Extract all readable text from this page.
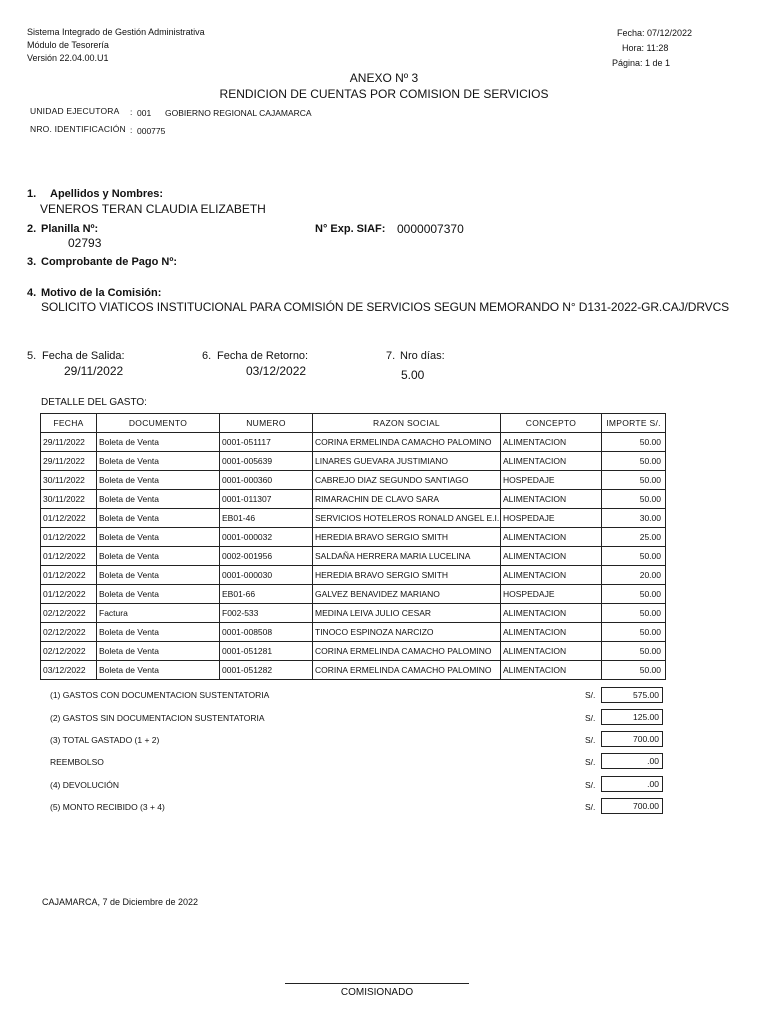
Sistema Integrado de Gestión Administrativa
Módulo de Tesorería
Versión 22.04.00.U1
Fecha: 07/12/2022
Hora: 11:28
Página: 1 de 1
ANEXO Nº 3
RENDICION DE CUENTAS POR COMISION DE SERVICIOS
UNIDAD EJECUTORA : 001 GOBIERNO REGIONAL CAJAMARCA
NRO. IDENTIFICACIÓN : 000775
1. Apellidos y Nombres:
VENEROS TERAN CLAUDIA ELIZABETH
2. Planilla Nº:
02793
N° Exp. SIAF: 0000007370
3. Comprobante de Pago Nº:
4. Motivo de la Comisión:
SOLICITO VIATICOS INSTITUCIONAL PARA COMISIÓN DE SERVICIOS SEGUN MEMORANDO N° D131-2022-GR.CAJ/DRVCS
5. Fecha de Salida:
29/11/2022
6. Fecha de Retorno:
03/12/2022
7. Nro días:
5.00
DETALLE DEL GASTO:
FECHA	DOCUMENTO	NUMERO	RAZON SOCIAL	CONCEPTO	IMPORTE S/.
29/11/2022	Boleta de Venta	0001-051117	CORINA ERMELINDA CAMACHO PALOMINO	ALIMENTACION	50.00
29/11/2022	Boleta de Venta	0001-005639	LINARES GUEVARA JUSTIMIANO	ALIMENTACION	50.00
30/11/2022	Boleta de Venta	0001-000360	CABREJO DIAZ SEGUNDO SANTIAGO	HOSPEDAJE	50.00
30/11/2022	Boleta de Venta	0001-011307	RIMARACHIN DE CLAVO SARA	ALIMENTACION	50.00
01/12/2022	Boleta de Venta	EB01-46	SERVICIOS HOTELEROS RONALD ANGEL E.I.	HOSPEDAJE	30.00
01/12/2022	Boleta de Venta	0001-000032	HEREDIA BRAVO SERGIO SMITH	ALIMENTACION	25.00
01/12/2022	Boleta de Venta	0002-001956	SALDAÑA HERRERA MARIA LUCELINA	ALIMENTACION	50.00
01/12/2022	Boleta de Venta	0001-000030	HEREDIA BRAVO SERGIO SMITH	ALIMENTACION	20.00
01/12/2022	Boleta de Venta	EB01-66	GALVEZ BENAVIDEZ MARIANO	HOSPEDAJE	50.00
02/12/2022	Factura	F002-533	MEDINA LEIVA JULIO CESAR	ALIMENTACION	50.00
02/12/2022	Boleta de Venta	0001-008508	TINOCO ESPINOZA NARCIZO	ALIMENTACION	50.00
02/12/2022	Boleta de Venta	0001-051281	CORINA ERMELINDA CAMACHO PALOMINO	ALIMENTACION	50.00
03/12/2022	Boleta de Venta	0001-051282	CORINA ERMELINDA CAMACHO PALOMINO	ALIMENTACION	50.00
(1) GASTOS CON DOCUMENTACION SUSTENTATORIA	S/.	575.00
(2) GASTOS SIN DOCUMENTACION SUSTENTATORIA	S/.	125.00
(3) TOTAL GASTADO (1 + 2)	S/.	700.00
REEMBOLSO	S/.	.00
(4) DEVOLUCIÓN	S/.	.00
(5) MONTO RECIBIDO (3 + 4)	S/.	700.00
CAJAMARCA, 7 de Diciembre de 2022
COMISIONADO
